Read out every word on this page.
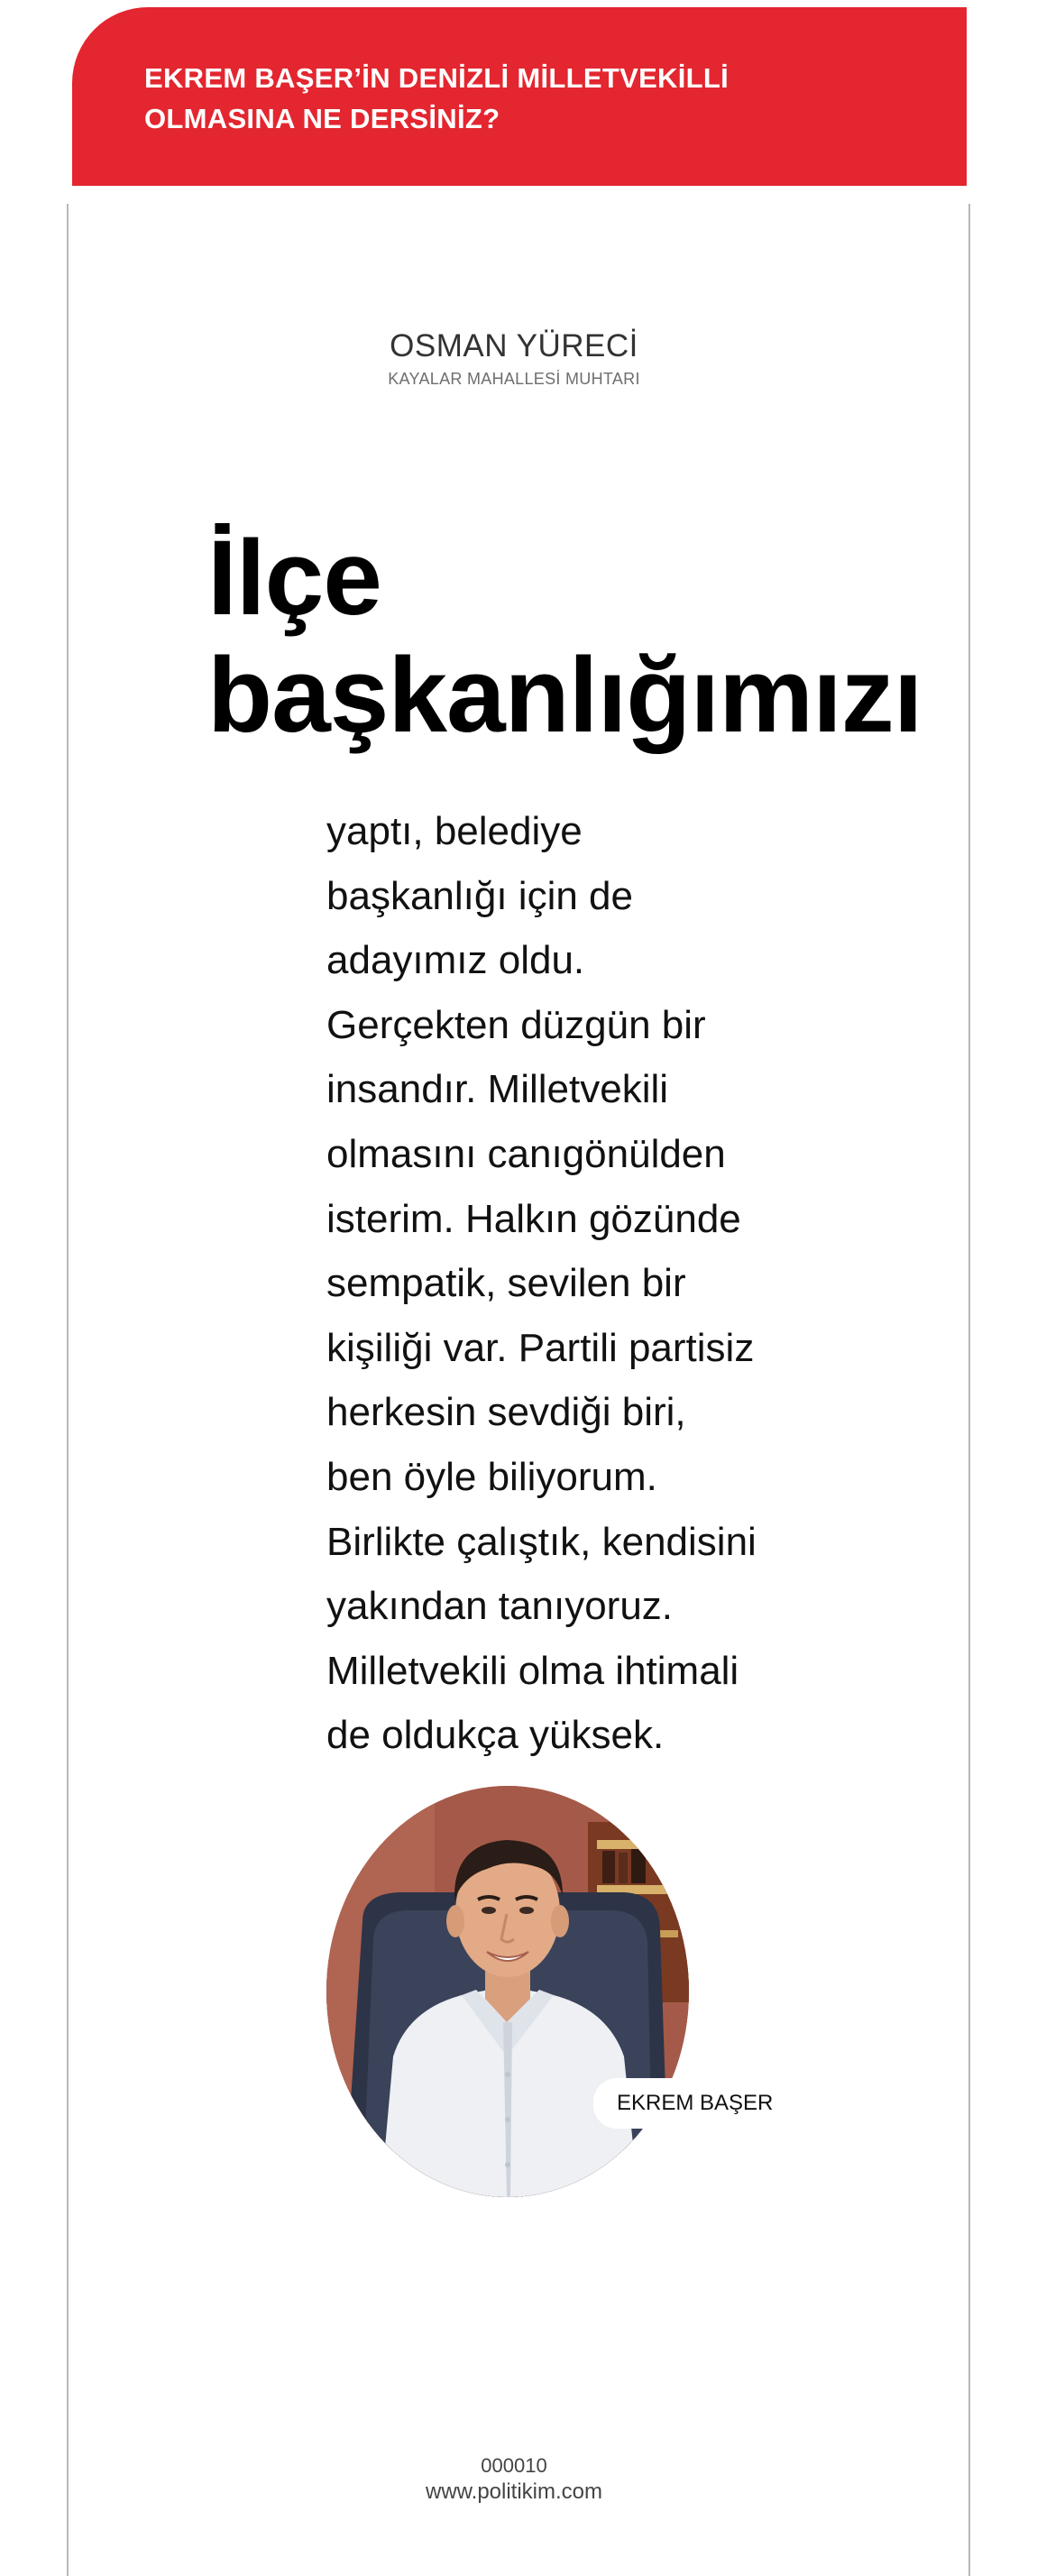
EKREM BAŞER’İN DENİZLİ MİLLETVEKİLLİ
OLMASINA NE DERSİNİZ?
OSMAN YÜRECİ
KAYALAR MAHALLESİ MUHTARI
İlçe
başkanlığımızı

yaptı, belediye
başkanlığı için de
adayımız oldu.
Gerçekten düzgün bir
insandır. Milletvekili
olmasını canıgönülden
isterim. Halkın gözünde
sempatik, sevilen bir
kişiliği var. Partili partisiz
herkesin sevdiği biri,
ben öyle biliyorum.
Birlikte çalıştık, kendisini
yakından tanıyoruz.
Milletvekili olma ihtimali
de oldukça yüksek.

EKREM BAŞER
000010
www.politikim.com
